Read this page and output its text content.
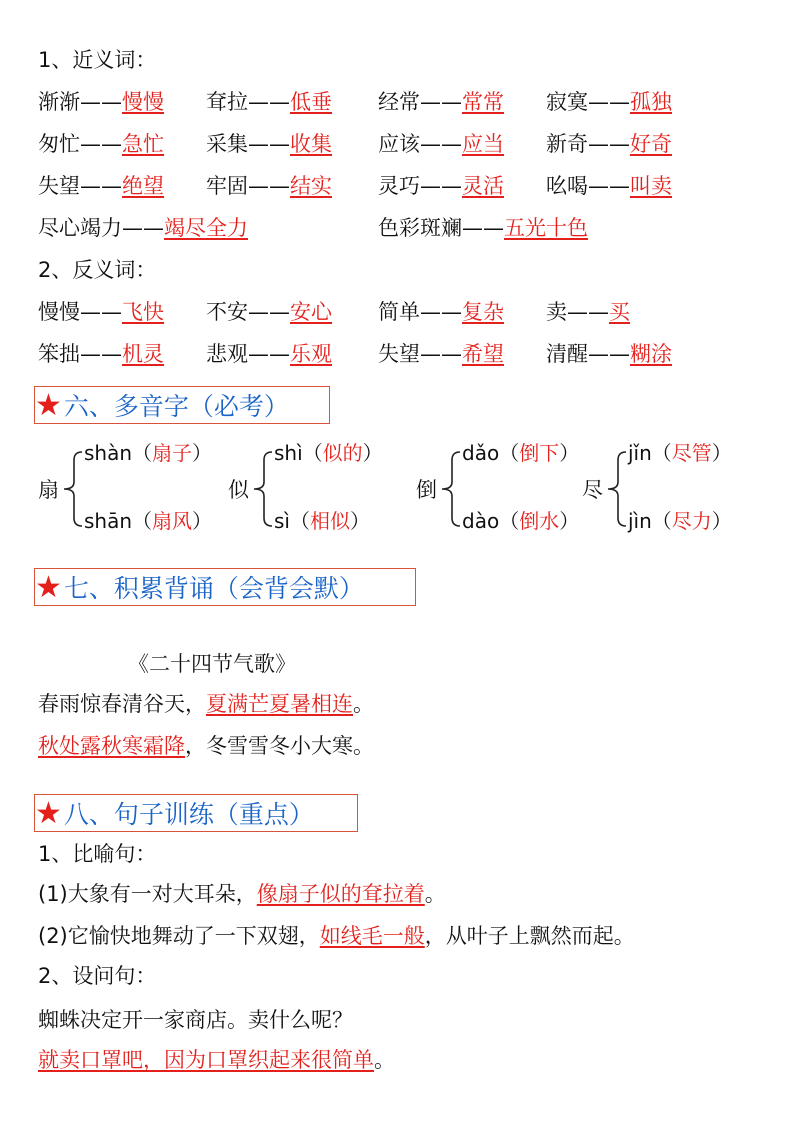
1、近义词：
渐渐——慢慢 耷拉——低垂 经常——常常 寂寞——孤独
匆忙——急忙 采集——收集 应该——应当 新奇——好奇
失望——绝望 牢固——结实 灵巧——灵活 吆喝——叫卖
尽心竭力——竭尽全力	色彩斑斓——五光十色
2、反义词：
慢慢——飞快 不安——安心 简单——复杂 卖——买
笨拙——机灵 悲观——乐观 失望——希望 清醒——糊涂
★六、多音字（必考）
扇
shàn（扇子）
shān（扇风）
似
shì（似的）
sì（相似）
倒
dǎo（倒下）
dào（倒水）
尽
jǐn（尽管）
jìn（尽力）
★七、积累背诵（会背会默）
《二十四节气歌》
春雨惊春清谷天，夏满芒夏暑相连。
秋处露秋寒霜降，冬雪雪冬小大寒。
★八、句子训练（重点）
1、比喻句：
(1)大象有一对大耳朵，像扇子似的耷拉着。
(2)它愉快地舞动了一下双翅，如线毛一般，从叶子上飘然而起。
2、设问句：
蜘蛛决定开一家商店。卖什么呢？
就卖口罩吧，因为口罩织起来很简单。
